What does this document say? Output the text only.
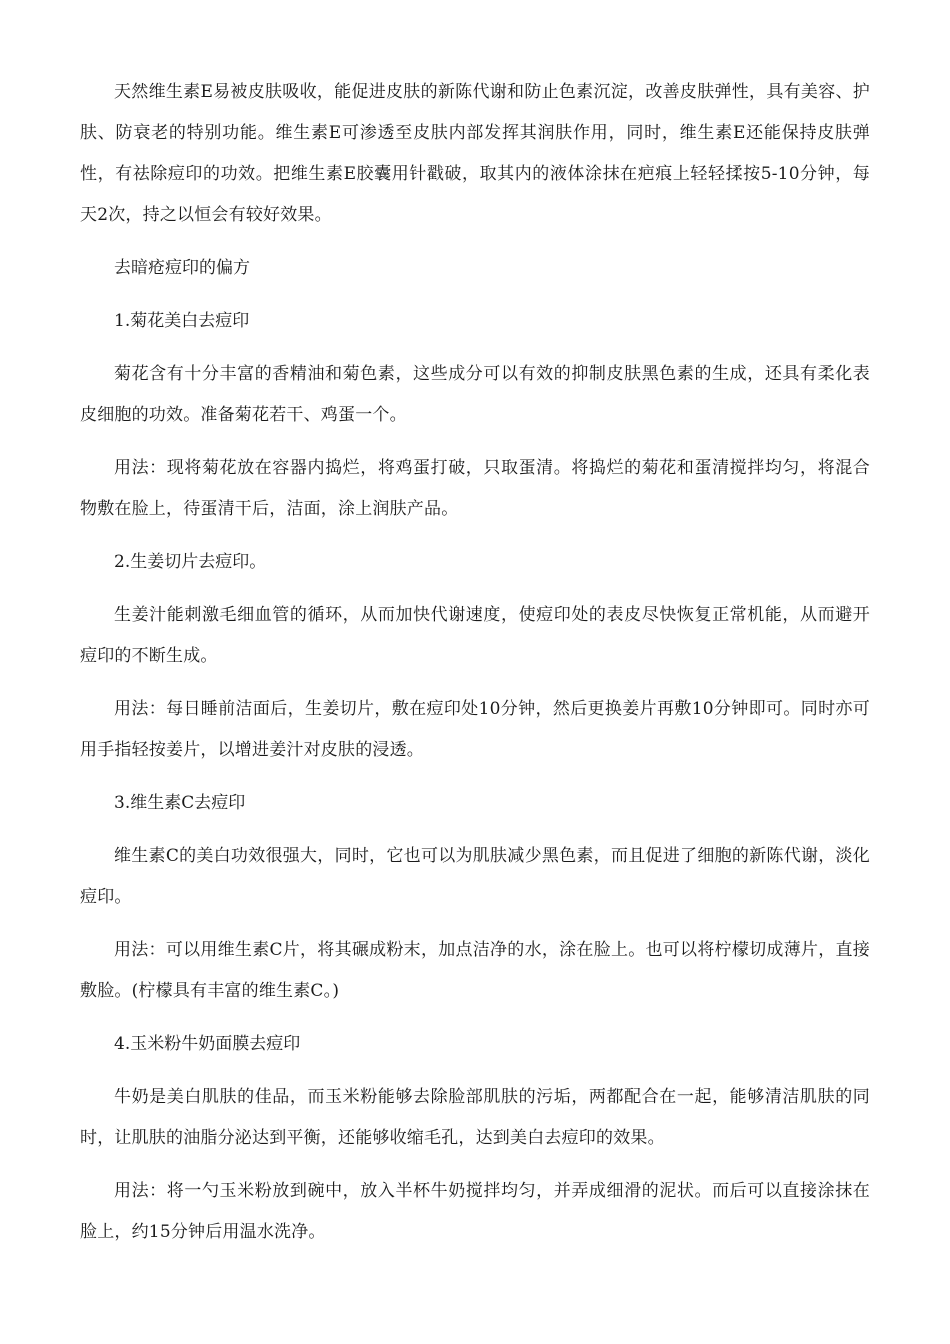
天然维生素E易被皮肤吸收，能促进皮肤的新陈代谢和防止色素沉淀，改善皮肤弹性，具有美容、护肤、防衰老的特别功能。维生素E可渗透至皮肤内部发挥其润肤作用，同时，维生素E还能保持皮肤弹性，有祛除痘印的功效。把维生素E胶囊用针戳破，取其内的液体涂抹在疤痕上轻轻揉按5-10分钟，每天2次，持之以恒会有较好效果。

去暗疮痘印的偏方

1.菊花美白去痘印

菊花含有十分丰富的香精油和菊色素，这些成分可以有效的抑制皮肤黑色素的生成，还具有柔化表皮细胞的功效。准备菊花若干、鸡蛋一个。

用法：现将菊花放在容器内捣烂，将鸡蛋打破，只取蛋清。将捣烂的菊花和蛋清搅拌均匀，将混合物敷在脸上，待蛋清干后，洁面，涂上润肤产品。

2.生姜切片去痘印。

生姜汁能刺激毛细血管的循环，从而加快代谢速度，使痘印处的表皮尽快恢复正常机能，从而避开痘印的不断生成。

用法：每日睡前洁面后，生姜切片，敷在痘印处10分钟，然后更换姜片再敷10分钟即可。同时亦可用手指轻按姜片，以增进姜汁对皮肤的浸透。

3.维生素C去痘印

维生素C的美白功效很强大，同时，它也可以为肌肤减少黑色素，而且促进了细胞的新陈代谢，淡化痘印。

用法：可以用维生素C片，将其碾成粉末，加点洁净的水，涂在脸上。也可以将柠檬切成薄片，直接敷脸。(柠檬具有丰富的维生素C。)

4.玉米粉牛奶面膜去痘印

牛奶是美白肌肤的佳品，而玉米粉能够去除脸部肌肤的污垢，两都配合在一起，能够清洁肌肤的同时，让肌肤的油脂分泌达到平衡，还能够收缩毛孔，达到美白去痘印的效果。

用法：将一勺玉米粉放到碗中，放入半杯牛奶搅拌均匀，并弄成细滑的泥状。而后可以直接涂抹在脸上，约15分钟后用温水洗净。
